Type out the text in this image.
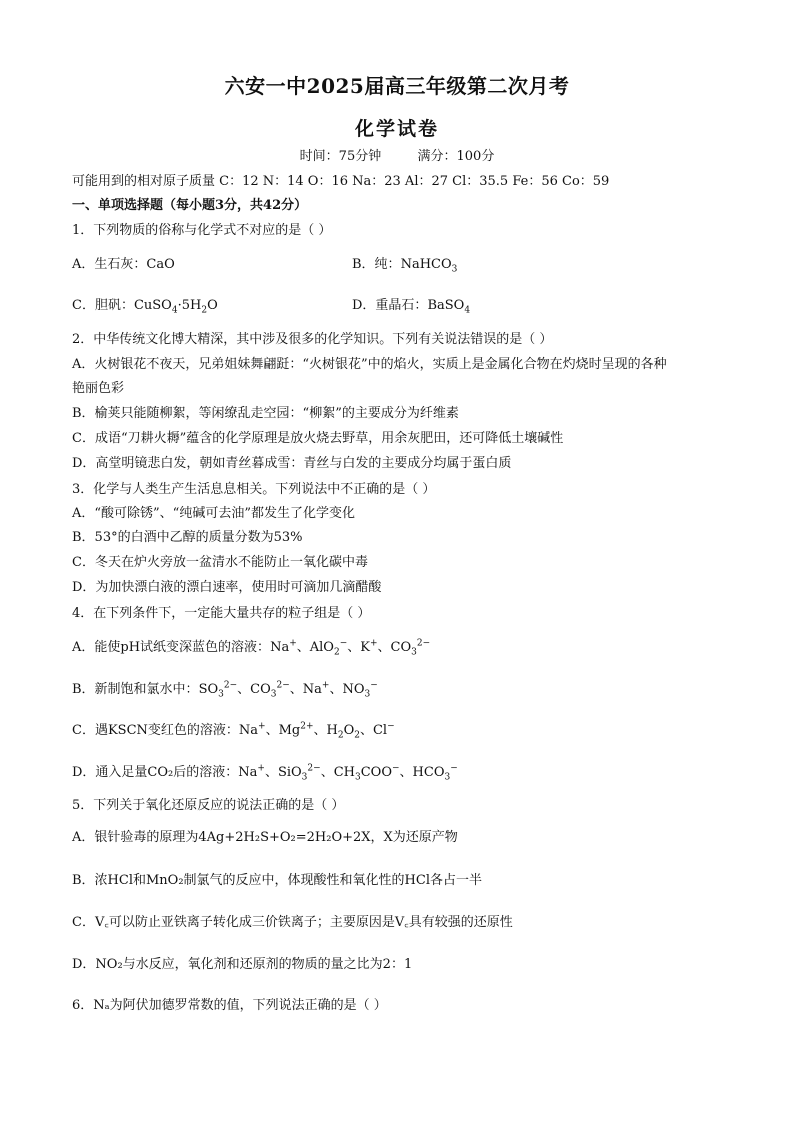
六安一中2025届高三年级第二次月考
化学试卷
时间：75分钟	满分：100分
可能用到的相对原子质量 C：12 N：14 O：16 Na：23 Al：27 Cl：35.5 Fe：56 Co：59
一、单项选择题（每小题3分，共42分）
1．下列物质的俗称与化学式不对应的是（ ）
A．生石灰：CaO	B．纯：NaHCO$_3$
C．胆矾：$CuSO_4\cdot 5H_2O$	D．重晶石：BaSO$_4$
2．中华传统文化博大精深，其中涉及很多的化学知识。下列有关说法错误的是（ ）
A．火树银花不夜天，兄弟姐妹舞翩跹：“火树银花”中的焰火，实质上是金属化合物在灼烧时呈现的各种
艳丽色彩
B．榆荚只能随柳絮，等闲缭乱走空园：“柳絮”的主要成分为纤维素
C．成语“刀耕火耨”蕴含的化学原理是放火烧去野草，用余灰肥田，还可降低土壤碱性
D．高堂明镜悲白发，朝如青丝暮成雪：青丝与白发的主要成分均属于蛋白质
3．化学与人类生产生活息息相关。下列说法中不正确的是（ ）
A．“酸可除锈”、“纯碱可去油”都发生了化学变化
B．53°的白酒中乙醇的质量分数为53%
C．冬天在炉火旁放一盆清水不能防止一氧化碳中毒
D．为加快漂白液的漂白速率，使用时可滴加几滴醋酸
4．在下列条件下，一定能大量共存的粒子组是（ ）
A．能使pH试纸变深蓝色的溶液：Na+、AlO$_2$−、K+、$CO_3^{2-}$
B．新制饱和氯水中：$SO_3^{2-}$、$CO_3^{2-}$、Na+、$NO_3^-$
C．遇KSCN变红色的溶液：Na+、$Mg^{2+}$、$H_2O_2$、Cl−
D．通入足量CO₂后的溶液：Na+、SiO$_3^{2-}$、$CH_3COO^-$、$HCO_3^-$
5．下列关于氧化还原反应的说法正确的是（ ）
A．银针验毒的原理为4Ag+2H₂S+O₂=2H₂O+2X，X为还原产物
B．浓HCl和MnO₂制氯气的反应中，体现酸性和氧化性的HCl各占一半
C．V꜀可以防止亚铁离子转化成三价铁离子；主要原因是V꜀具有较强的还原性
D．NO₂与水反应，氧化剂和还原剂的物质的量之比为2：1
6．Nₐ为阿伏加德罗常数的值，下列说法正确的是（ ）
